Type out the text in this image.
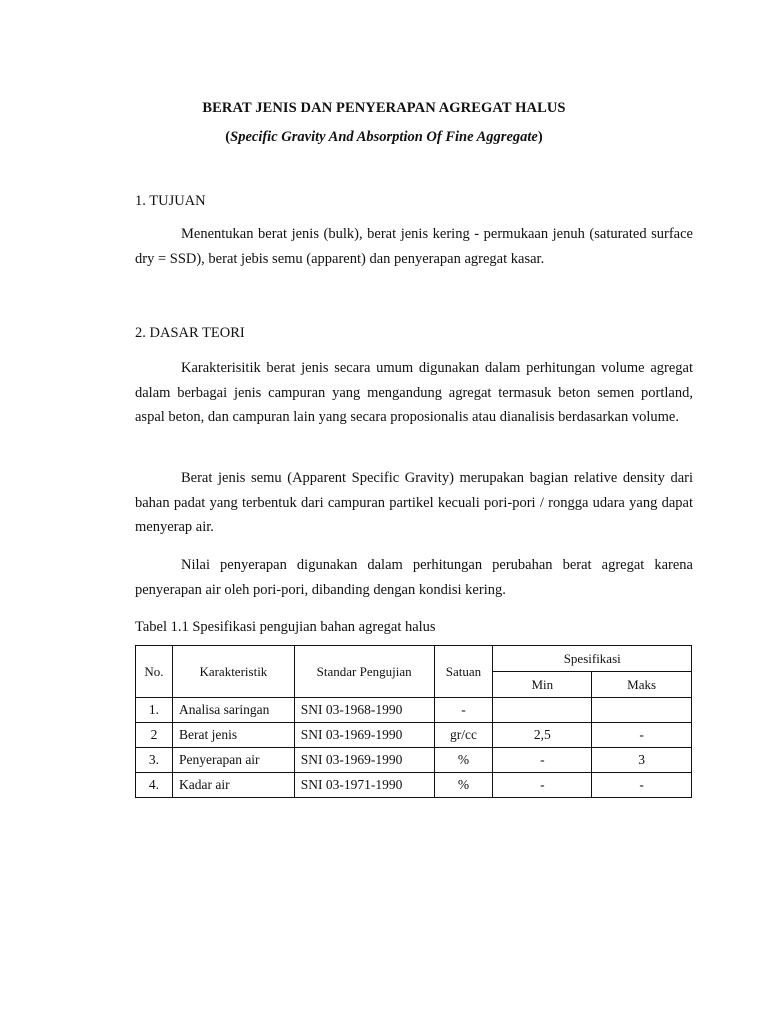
BERAT JENIS DAN PENYERAPAN AGREGAT HALUS
(Specific Gravity And Absorption Of Fine Aggregate)
1. TUJUAN

Menentukan berat jenis (bulk), berat jenis kering - permukaan jenuh (saturated surface dry = SSD), berat jebis semu (apparent) dan penyerapan agregat kasar.

2. DASAR TEORI

Karakterisitik berat jenis secara umum digunakan dalam perhitungan volume agregat dalam berbagai jenis campuran yang mengandung agregat termasuk beton semen portland, aspal beton, dan campuran lain yang secara proposionalis atau dianalisis berdasarkan volume.

Berat jenis semu (Apparent Specific Gravity) merupakan bagian relative density dari bahan padat yang terbentuk dari campuran partikel kecuali pori-pori / rongga udara yang dapat menyerap air.

Nilai penyerapan digunakan dalam perhitungan perubahan berat agregat karena penyerapan air oleh pori-pori, dibanding dengan kondisi kering.

Tabel 1.1 Spesifikasi pengujian bahan agregat halus
No.	Karakteristik	Standar Pengujian	Satuan	Spesifikasi	
				Min	Maks
1.	Analisa saringan	SNI 03-1968-1990	-		
2	Berat jenis	SNI 03-1969-1990	gr/cc	2,5	-
3.	Penyerapan air	SNI 03-1969-1990	%	-	3
4.	Kadar air	SNI 03-1971-1990	%	-	-
